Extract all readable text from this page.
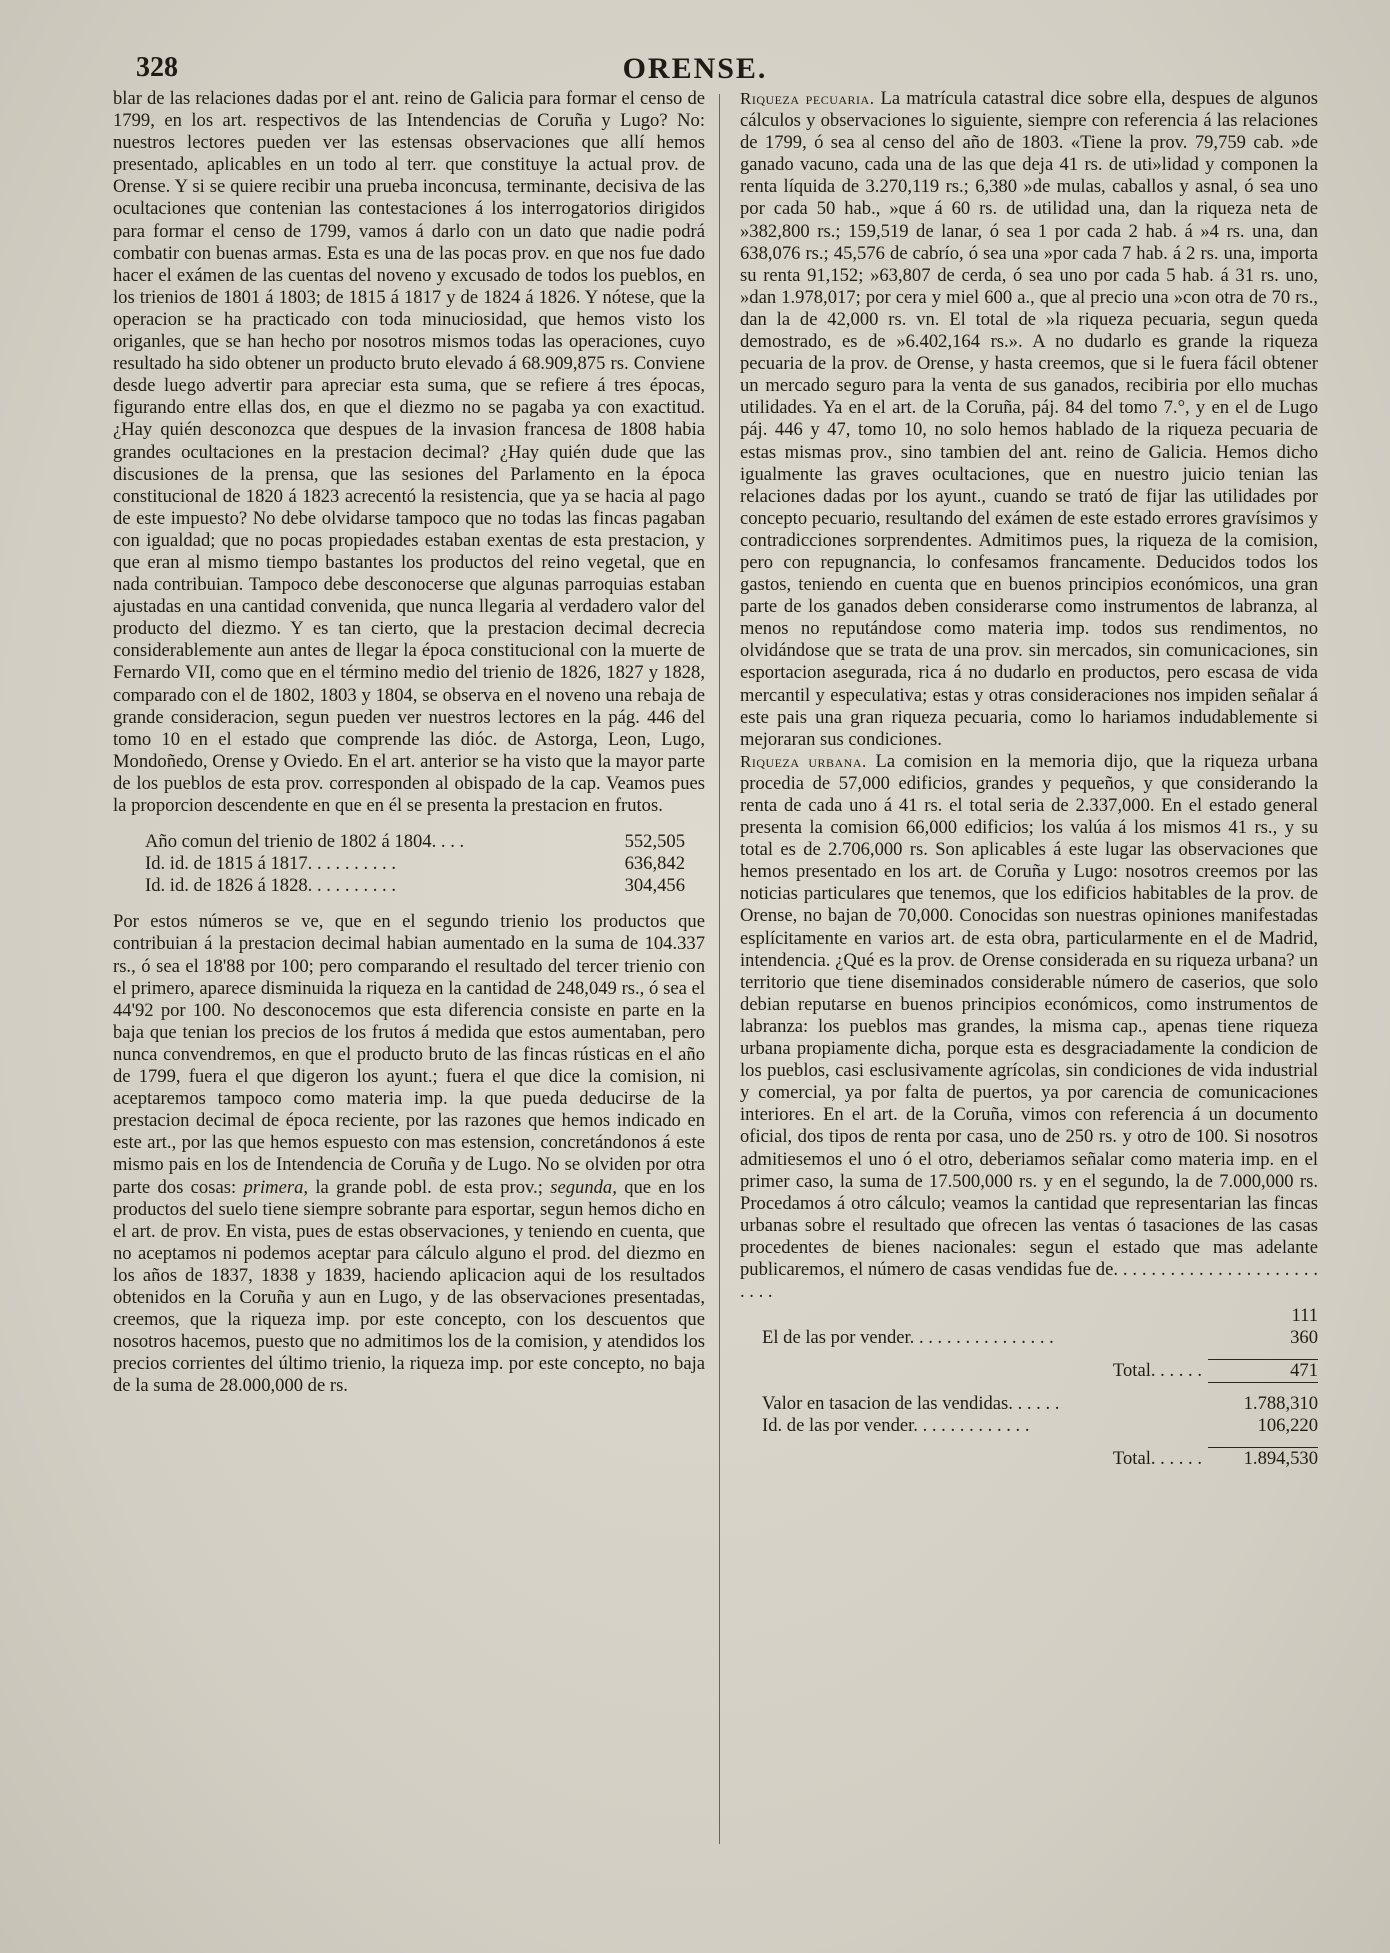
328	ORENSE.

blar de las relaciones dadas por el ant. reino de Galicia para formar el censo de 1799, en los art. respectivos de las Intendencias de Coruña y Lugo? No: nuestros lectores pueden ver las estensas observaciones que allí hemos presentado, aplicables en un todo al terr. que constituye la actual prov. de Orense. Y si se quiere recibir una prueba inconcusa, terminante, decisiva de las ocultaciones que contenian las contestaciones á los interrogatorios dirigidos para formar el censo de 1799, vamos á darlo con un dato que nadie podrá combatir con buenas armas. Esta es una de las pocas prov. en que nos fue dado hacer el exámen de las cuentas del noveno y excusado de todos los pueblos, en los trienios de 1801 á 1803; de 1815 á 1817 y de 1824 á 1826. Y nótese, que la operacion se ha practicado con toda minuciosidad, que hemos visto los origanles, que se han hecho por nosotros mismos todas las operaciones, cuyo resultado ha sido obtener un producto bruto elevado á 68.909,875 rs. Conviene desde luego advertir para apreciar esta suma, que se refiere á tres épocas, figurando entre ellas dos, en que el diezmo no se pagaba ya con exactitud. ¿Hay quién desconozca que despues de la invasion francesa de 1808 habia grandes ocultaciones en la prestacion decimal? ¿Hay quién dude que las discusiones de la prensa, que las sesiones del Parlamento en la época constitucional de 1820 á 1823 acrecentó la resistencia, que ya se hacia al pago de este impuesto? No debe olvidarse tampoco que no todas las fincas pagaban con igualdad; que no pocas propiedades estaban exentas de esta prestacion, y que eran al mismo tiempo bastantes los productos del reino vegetal, que en nada contribuian. Tampoco debe desconocerse que algunas parroquias estaban ajustadas en una cantidad convenida, que nunca llegaria al verdadero valor del producto del diezmo. Y es tan cierto, que la prestacion decimal decrecia considerablemente aun antes de llegar la época constitucional con la muerte de Fernardo VII, como que en el término medio del trienio de 1826, 1827 y 1828, comparado con el de 1802, 1803 y 1804, se observa en el noveno una rebaja de grande consideracion, segun pueden ver nuestros lectores en la pág. 446 del tomo 10 en el estado que comprende las dióc. de Astorga, Leon, Lugo, Mondoñedo, Orense y Oviedo. En el art. anterior se ha visto que la mayor parte de los pueblos de esta prov. corresponden al obispado de la cap. Veamos pues la proporcion descendente en que en él se presenta la prestacion en frutos.

Año comun del trienio de 1802 á 1804. . . .	552,505
Id. id. de 1815 á 1817. . . . . . . . . .	636,842
Id. id. de 1826 á 1828. . . . . . . . . .	304,456

Por estos números se ve, que en el segundo trienio los productos que contribuian á la prestacion decimal habian aumentado en la suma de 104.337 rs., ó sea el 18'88 por 100; pero comparando el resultado del tercer trienio con el primero, aparece disminuida la riqueza en la cantidad de 248,049 rs., ó sea el 44'92 por 100. No desconocemos que esta diferencia consiste en parte en la baja que tenian los precios de los frutos á medida que estos aumentaban, pero nunca convendremos, en que el producto bruto de las fincas rústicas en el año de 1799, fuera el que digeron los ayunt.; fuera el que dice la comision, ni aceptaremos tampoco como materia imp. la que pueda deducirse de la prestacion decimal de época reciente, por las razones que hemos indicado en este art., por las que hemos espuesto con mas estension, concretándonos á este mismo pais en los de Intendencia de Coruña y de Lugo. No se olviden por otra parte dos cosas: primera, la grande pobl. de esta prov.; segunda, que en los productos del suelo tiene siempre sobrante para esportar, segun hemos dicho en el art. de prov. En vista, pues de estas observaciones, y teniendo en cuenta, que no aceptamos ni podemos aceptar para cálculo alguno el prod. del diezmo en los años de 1837, 1838 y 1839, haciendo aplicacion aqui de los resultados obtenidos en la Coruña y aun en Lugo, y de las observaciones presentadas, creemos, que la riqueza imp. por este concepto, con los descuentos que nosotros hacemos, puesto que no admitimos los de la comision, y atendidos los precios corrientes del último trienio, la riqueza imp. por este concepto, no baja de la suma de 28.000,000 de rs.

Riqueza pecuaria. La matrícula catastral dice sobre ella, despues de algunos cálculos y observaciones lo siguiente, siempre con referencia á las relaciones de 1799, ó sea al censo del año de 1803. «Tiene la prov. 79,759 cab. »de ganado vacuno, cada una de las que deja 41 rs. de uti»lidad y componen la renta líquida de 3.270,119 rs.; 6,380 »de mulas, caballos y asnal, ó sea uno por cada 50 hab., »que á 60 rs. de utilidad una, dan la riqueza neta de »382,800 rs.; 159,519 de lanar, ó sea 1 por cada 2 hab. á »4 rs. una, dan 638,076 rs.; 45,576 de cabrío, ó sea una »por cada 7 hab. á 2 rs. una, importa su renta 91,152; »63,807 de cerda, ó sea uno por cada 5 hab. á 31 rs. uno, »dan 1.978,017; por cera y miel 600 a., que al precio una »con otra de 70 rs., dan la de 42,000 rs. vn. El total de »la riqueza pecuaria, segun queda demostrado, es de »6.402,164 rs.». A no dudarlo es grande la riqueza pecuaria de la prov. de Orense, y hasta creemos, que si le fuera fácil obtener un mercado seguro para la venta de sus ganados, recibiria por ello muchas utilidades. Ya en el art. de la Coruña, páj. 84 del tomo 7.°, y en el de Lugo páj. 446 y 47, tomo 10, no solo hemos hablado de la riqueza pecuaria de estas mismas prov., sino tambien del ant. reino de Galicia. Hemos dicho igualmente las graves ocultaciones, que en nuestro juicio tenian las relaciones dadas por los ayunt., cuando se trató de fijar las utilidades por concepto pecuario, resultando del exámen de este estado errores gravísimos y contradicciones sorprendentes. Admitimos pues, la riqueza de la comision, pero con repugnancia, lo confesamos francamente. Deducidos todos los gastos, teniendo en cuenta que en buenos principios económicos, una gran parte de los ganados deben considerarse como instrumentos de labranza, al menos no reputándose como materia imp. todos sus rendimentos, no olvidándose que se trata de una prov. sin mercados, sin comunicaciones, sin esportacion asegurada, rica á no dudarlo en productos, pero escasa de vida mercantil y especulativa; estas y otras consideraciones nos impiden señalar á este pais una gran riqueza pecuaria, como lo hariamos indudablemente si mejoraran sus condiciones.

Riqueza urbana. La comision en la memoria dijo, que la riqueza urbana procedia de 57,000 edificios, grandes y pequeños, y que considerando la renta de cada uno á 41 rs. el total seria de 2.337,000. En el estado general presenta la comision 66,000 edificios; los valúa á los mismos 41 rs., y su total es de 2.706,000 rs. Son aplicables á este lugar las observaciones que hemos presentado en los art. de Coruña y Lugo: nosotros creemos por las noticias particulares que tenemos, que los edificios habitables de la prov. de Orense, no bajan de 70,000. Conocidas son nuestras opiniones manifestadas esplícitamente en varios art. de esta obra, particularmente en el de Madrid, intendencia. ¿Qué es la prov. de Orense considerada en su riqueza urbana? un territorio que tiene diseminados considerable número de caserios, que solo debian reputarse en buenos principios económicos, como instrumentos de labranza: los pueblos mas grandes, la misma cap., apenas tiene riqueza urbana propiamente dicha, porque esta es desgraciadamente la condicion de los pueblos, casi esclusivamente agrícolas, sin condiciones de vida industrial y comercial, ya por falta de puertos, ya por carencia de comunicaciones interiores. En el art. de la Coruña, vimos con referencia á un documento oficial, dos tipos de renta por casa, uno de 250 rs. y otro de 100. Si nosotros admitiesemos el uno ó el otro, deberiamos señalar como materia imp. en el primer caso, la suma de 17.500,000 rs. y en el segundo, la de 7.000,000 rs. Procedamos á otro cálculo; veamos la cantidad que representarian las fincas urbanas sobre el resultado que ofrecen las ventas ó tasaciones de las casas procedentes de bienes nacionales: segun el estado que mas adelante publicaremos, el número de casas vendidas fue de. . . . . . . . . . . . . . . . . . . . . . . . . .

	111
El de las por vender. . . . . . . . . . . . . . . .	360

Total. . . . . .	471

Valor en tasacion de las vendidas. . . . . .	1.788,310
Id. de las por vender. . . . . . . . . . . . .	106,220

Total. . . . . .	1.894,530
